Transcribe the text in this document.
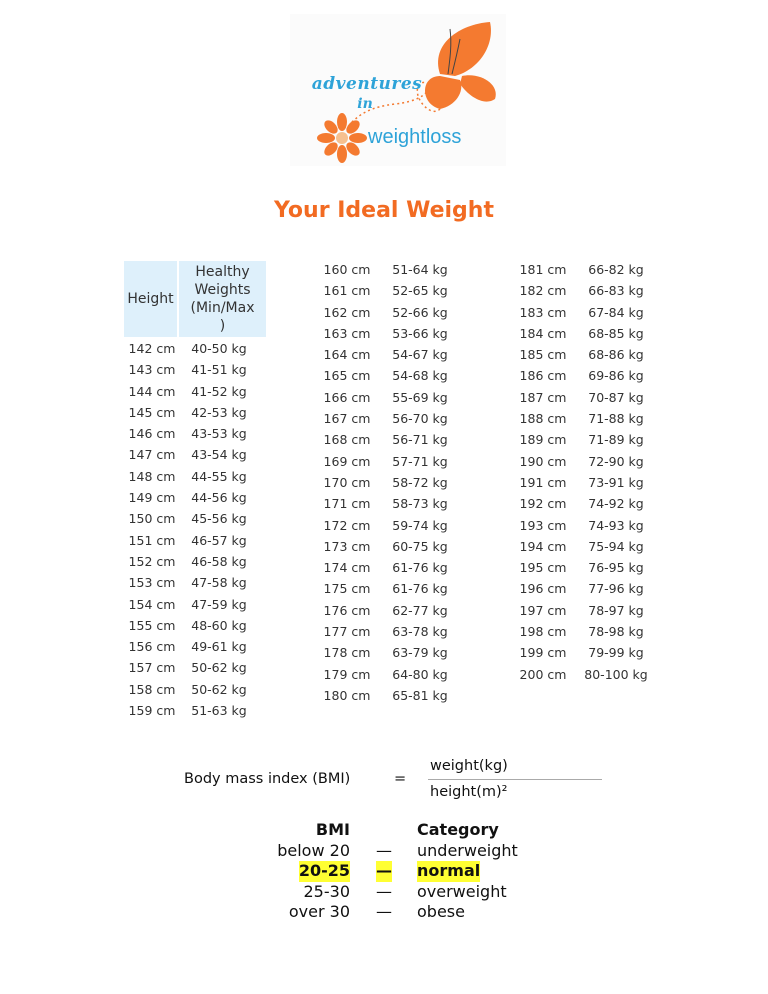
adventures
in
weightloss
Your Ideal Weight
Height
Healthy
Weights
(Min/Max
)
142 cm 40-50 kg
143 cm 41-51 kg
144 cm 41-52 kg
145 cm 42-53 kg
146 cm 43-53 kg
147 cm 43-54 kg
148 cm 44-55 kg
149 cm 44-56 kg
150 cm 45-56 kg
151 cm 46-57 kg
152 cm 46-58 kg
153 cm 47-58 kg
154 cm 47-59 kg
155 cm 48-60 kg
156 cm 49-61 kg
157 cm 50-62 kg
158 cm 50-62 kg
159 cm 51-63 kg
160 cm 51-64 kg
161 cm 52-65 kg
162 cm 52-66 kg
163 cm 53-66 kg
164 cm 54-67 kg
165 cm 54-68 kg
166 cm 55-69 kg
167 cm 56-70 kg
168 cm 56-71 kg
169 cm 57-71 kg
170 cm 58-72 kg
171 cm 58-73 kg
172 cm 59-74 kg
173 cm 60-75 kg
174 cm 61-76 kg
175 cm 61-76 kg
176 cm 62-77 kg
177 cm 63-78 kg
178 cm 63-79 kg
179 cm 64-80 kg
180 cm 65-81 kg
181 cm 66-82 kg
182 cm 66-83 kg
183 cm 67-84 kg
184 cm 68-85 kg
185 cm 68-86 kg
186 cm 69-86 kg
187 cm 70-87 kg
188 cm 71-88 kg
189 cm 71-89 kg
190 cm 72-90 kg
191 cm 73-91 kg
192 cm 74-92 kg
193 cm 74-93 kg
194 cm 75-94 kg
195 cm 76-95 kg
196 cm 77-96 kg
197 cm 78-97 kg
198 cm 78-98 kg
199 cm 79-99 kg
200 cm 80-100 kg
Body mass index (BMI)	=
weight(kg)
height(m)²
BMI	Category
below 20 — underweight
20-25 — normal
25-30 — overweight
over 30 — obese
